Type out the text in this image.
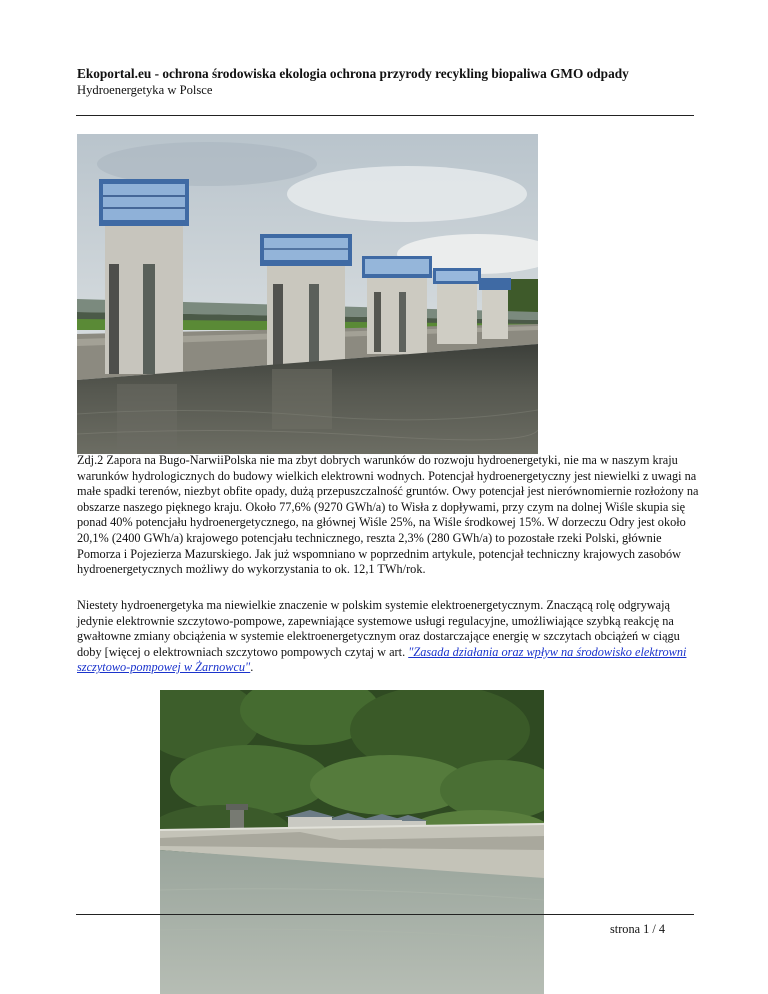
Ekoportal.eu - ochrona środowiska ekologia ochrona przyrody recykling biopaliwa GMO odpady
Hydroenergetyka w Polsce

Zdj.2 Zapora na Bugo-NarwiiPolska nie ma zbyt dobrych warunków do rozwoju hydroenergetyki, nie ma w naszym kraju warunków hydrologicznych do budowy wielkich elektrowni wodnych. Potencjał hydroenergetyczny jest niewielki z uwagi na małe spadki terenów, niezbyt obfite opady, dużą przepuszczalność gruntów. Owy potencjał jest nierównomiernie rozłożony na obszarze naszego pięknego kraju. Około 77,6% (9270 GWh/a) to Wisła z dopływami, przy czym na dolnej Wiśle skupia się ponad 40% potencjału hydroenergetycznego, na głównej Wiśle 25%, na Wiśle środkowej 15%. W dorzeczu Odry jest około 20,1% (2400 GWh/a) krajowego potencjału technicznego, reszta 2,3% (280 GWh/a) to pozostałe rzeki Polski, głównie Pomorza i Pojezierza Mazurskiego. Jak już wspomniano w poprzednim artykule, potencjał techniczny krajowych zasobów hydroenergetycznych możliwy do wykorzystania to ok. 12,1 TWh/rok.

Niestety hydroenergetyka ma niewielkie znaczenie w polskim systemie elektroenergetycznym. Znaczącą rolę odgrywają jedynie elektrownie szczytowo-pompowe, zapewniające systemowe usługi regulacyjne, umożliwiające szybką reakcję na gwałtowne zmiany obciążenia w systemie elektroenergetycznym oraz dostarczające energię w szczytach obciążeń w ciągu doby [więcej o elektrowniach szczytowo pompowych czytaj w art. "Zasada działania oraz wpływ na środowisko elektrowni szczytowo-pompowej w Żarnowcu".

strona 1 / 4
